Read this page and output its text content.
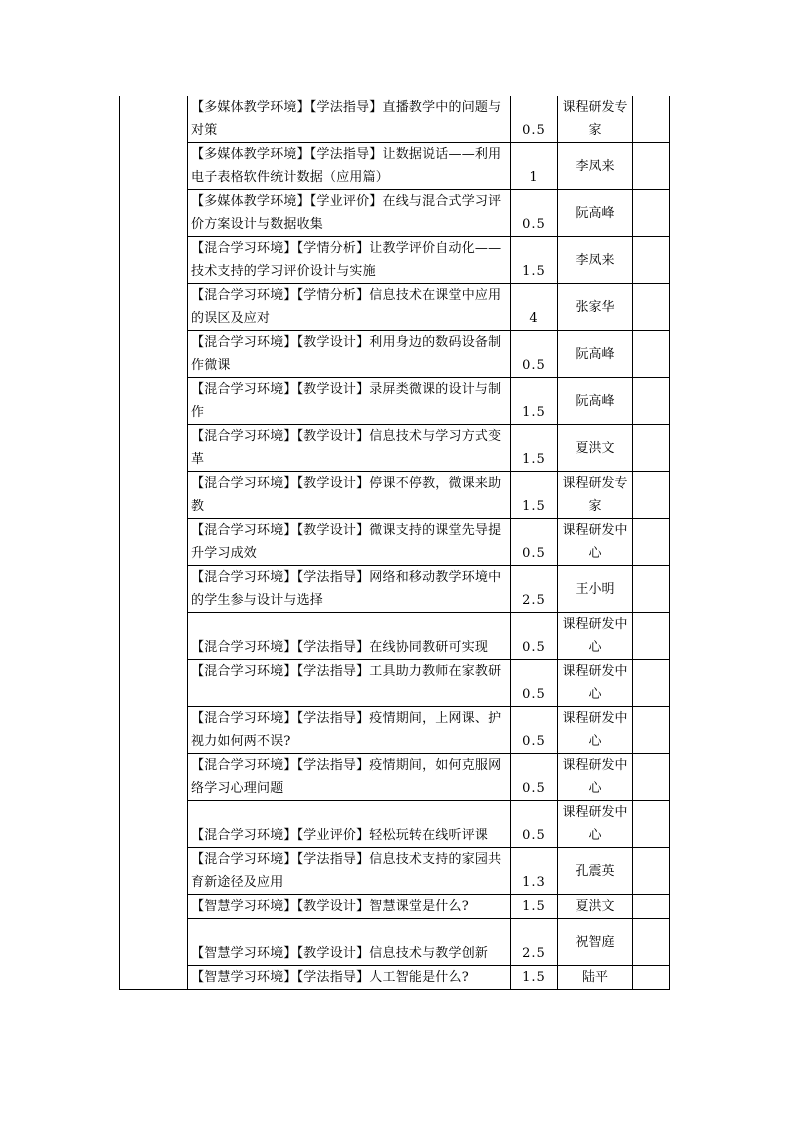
	【多媒体教学环境】【学法指导】直播教学中的问题与对策	0.5	课程研发专家	

	【多媒体教学环境】【学法指导】让数据说话——利用电子表格软件统计数据（应用篇）	1	李凤来	

	【多媒体教学环境】【学业评价】在线与混合式学习评价方案设计与数据收集	0.5	阮高峰	

	【混合学习环境】【学情分析】让教学评价自动化——技术支持的学习评价设计与实施	1.5	李凤来	

	【混合学习环境】【学情分析】信息技术在课堂中应用的误区及应对	4	张家华	

	【混合学习环境】【教学设计】利用身边的数码设备制作微课	0.5	阮高峰	

	【混合学习环境】【教学设计】录屏类微课的设计与制作	1.5	阮高峰	

	【混合学习环境】【教学设计】信息技术与学习方式变革	1.5	夏洪文	

	【混合学习环境】【教学设计】停课不停教，微课来助教	1.5	课程研发专家	

	【混合学习环境】【教学设计】微课支持的课堂先导提升学习成效	0.5	课程研发中心	

	【混合学习环境】【学法指导】网络和移动教学环境中的学生参与设计与选择	2.5	王小明	

	【混合学习环境】【学法指导】在线协同教研可实现	0.5	课程研发中心	

	【混合学习环境】【学法指导】工具助力教师在家教研	0.5	课程研发中心	

	【混合学习环境】【学法指导】疫情期间，上网课、护视力如何两不误?	0.5	课程研发中心	

	【混合学习环境】【学法指导】疫情期间，如何克服网络学习心理问题	0.5	课程研发中心	

	【混合学习环境】【学业评价】轻松玩转在线听评课	0.5	课程研发中心	

	【混合学习环境】【学法指导】信息技术支持的家园共育新途径及应用	1.3	孔震英	

	【智慧学习环境】【教学设计】智慧课堂是什么?	1.5	夏洪文	

	【智慧学习环境】【教学设计】信息技术与教学创新	2.5	祝智庭	

	【智慧学习环境】【学法指导】人工智能是什么?	1.5	陆平	
